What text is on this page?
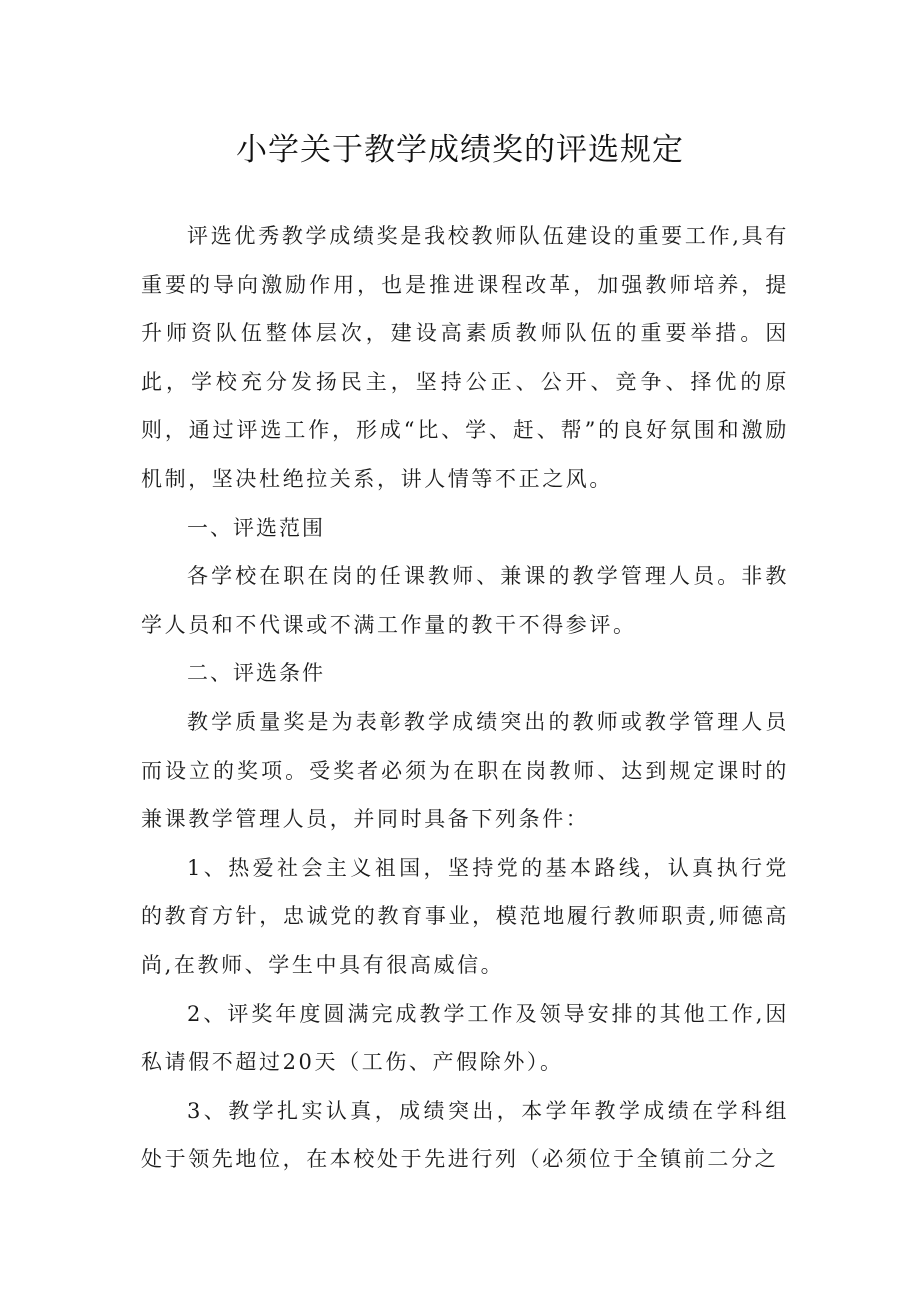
小学关于教学成绩奖的评选规定

评选优秀教学成绩奖是我校教师队伍建设的重要工作,具有重要的导向激励作用，也是推进课程改革，加强教师培养，提升师资队伍整体层次，建设高素质教师队伍的重要举措。因此，学校充分发扬民主，坚持公正、公开、竞争、择优的原则，通过评选工作，形成“比、学、赶、帮”的良好氛围和激励机制，坚决杜绝拉关系，讲人情等不正之风。

一、评选范围

各学校在职在岗的任课教师、兼课的教学管理人员。非教学人员和不代课或不满工作量的教干不得参评。

二、评选条件

教学质量奖是为表彰教学成绩突出的教师或教学管理人员而设立的奖项。受奖者必须为在职在岗教师、达到规定课时的兼课教学管理人员，并同时具备下列条件：

1、热爱社会主义祖国，坚持党的基本路线，认真执行党的教育方针，忠诚党的教育事业，模范地履行教师职责,师德高尚,在教师、学生中具有很高威信。

2、评奖年度圆满完成教学工作及领导安排的其他工作,因私请假不超过20天（工伤、产假除外）。

3、教学扎实认真，成绩突出，本学年教学成绩在学科组处于领先地位，在本校处于先进行列（必须位于全镇前二分之
